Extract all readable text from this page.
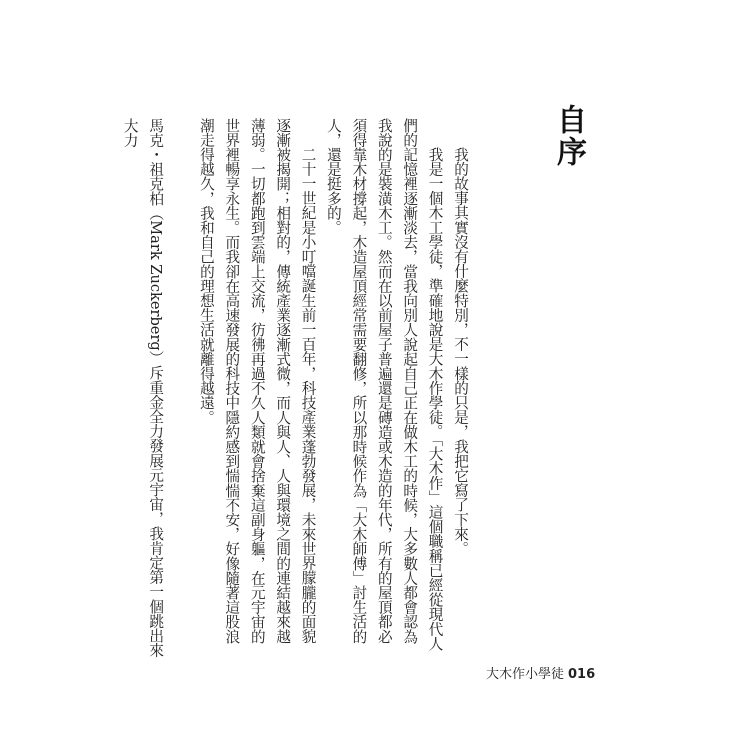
自序

我的故事其實沒有什麼特別，不一樣的只是，我把它寫了下來。

我是一個木工學徒，準確地說是大木作學徒。「大木作」這個職稱已經從現代人們的記憶裡逐漸淡去，當我向別人說起自己正在做木工的時候，大多數人都會認為我說的是裝潢木工。然而在以前屋子普遍還是磚造或木造的年代，所有的屋頂都必須得靠木材撐起，木造屋頂經常需要翻修，所以那時候作為「大木師傅」討生活的人，還是挺多的。

二十一世紀是小叮噹誕生前一百年，科技產業蓬勃發展，未來世界朦朧的面貌逐漸被揭開；相對的，傳統產業逐漸式微，而人與人、人與環境之間的連結越來越薄弱。一切都跑到雲端上交流，彷彿再過不久人類就會捨棄這副身軀，在元宇宙的世界裡暢享永生。而我卻在高速發展的科技中隱約感到惴惴不安，好像隨著這股浪潮走得越久，我和自己的理想生活就離得越遠。

馬克・祖克柏（Mark Zuckerberg）斥重金全力發展元宇宙，我肯定第一個跳出來大力

大木作小學徒 016
